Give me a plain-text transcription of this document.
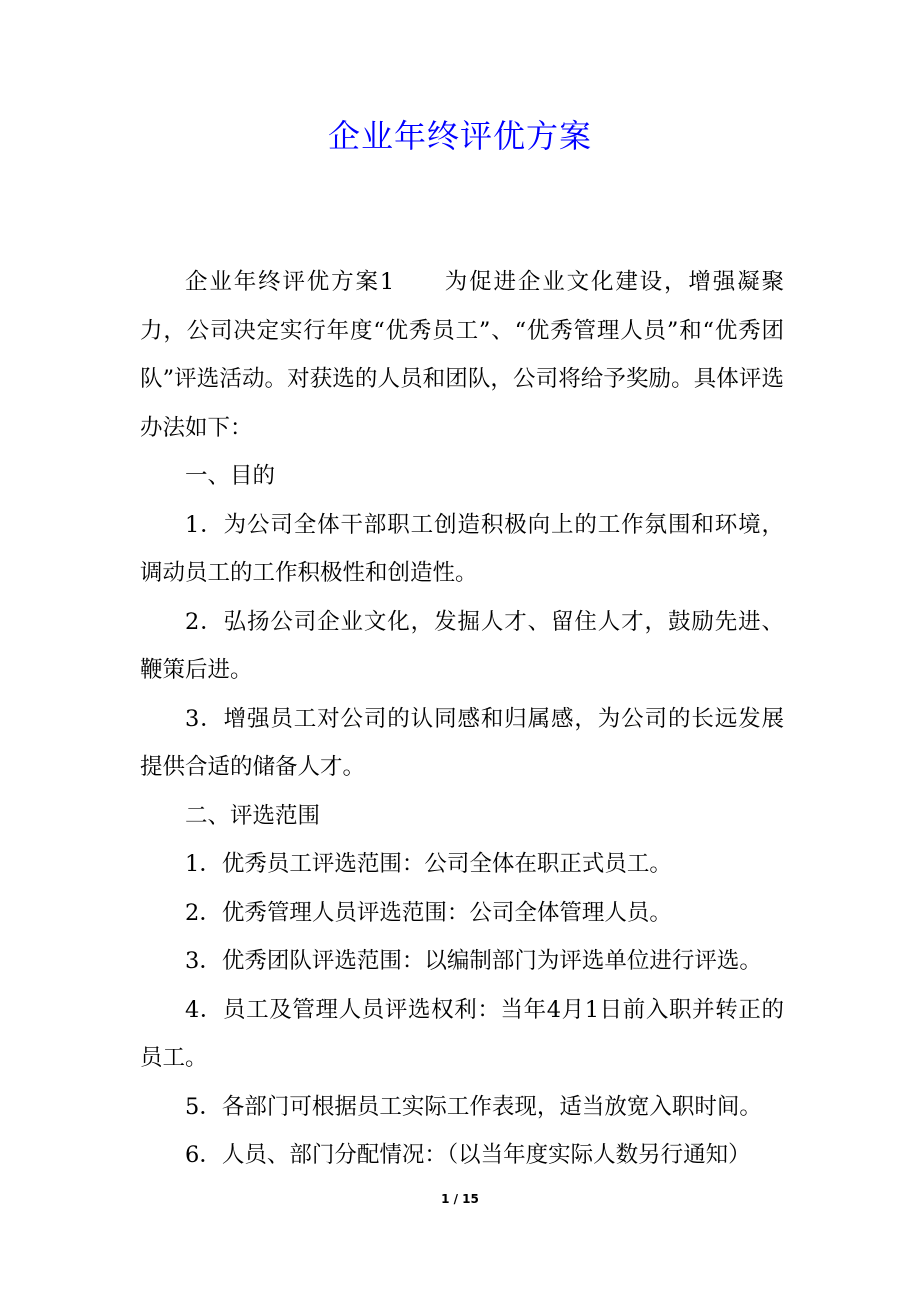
企业年终评优方案

企业年终评优方案1　　为促进企业文化建设，增强凝聚力，公司决定实行年度“优秀员工”、“优秀管理人员”和“优秀团队”评选活动。对获选的人员和团队，公司将给予奖励。具体评选办法如下：

一、目的

1．为公司全体干部职工创造积极向上的工作氛围和环境，调动员工的工作积极性和创造性。

2．弘扬公司企业文化，发掘人才、留住人才，鼓励先进、鞭策后进。

3．增强员工对公司的认同感和归属感，为公司的长远发展提供合适的储备人才。

二、评选范围

1．优秀员工评选范围：公司全体在职正式员工。

2．优秀管理人员评选范围：公司全体管理人员。

3．优秀团队评选范围：以编制部门为评选单位进行评选。

4．员工及管理人员评选权利：当年4月1日前入职并转正的员工。

5．各部门可根据员工实际工作表现，适当放宽入职时间。

6．人员、部门分配情况：（以当年度实际人数另行通知）

1 / 15
